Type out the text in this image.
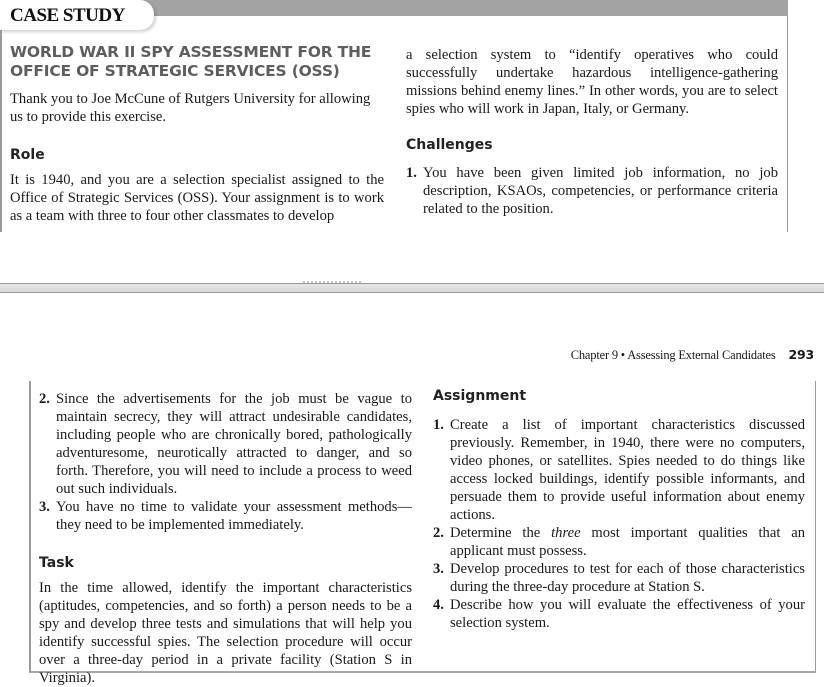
CASE STUDY
WORLD WAR II SPY ASSESSMENT FOR THE
OFFICE OF STRATEGIC SERVICES (OSS)

Thank you to Joe McCune of Rutgers University for allowing us to provide this exercise.

Role

It is 1940, and you are a selection specialist assigned to the Office of Strategic Services (OSS). Your assignment is to work as a team with three to four other classmates to develop

a selection system to “identify operatives who could successfully undertake hazardous intelligence-gathering missions behind enemy lines.” In other words, you are to select spies who will work in Japan, Italy, or Germany.

Challenges
1. You have been given limited job information, no job description, KSAOs, competencies, or performance criteria related to the position.
Chapter 9 • Assessing External Candidates 293
2. Since the advertisements for the job must be vague to maintain secrecy, they will attract undesirable candidates, including people who are chronically bored, pathologically adventuresome, neurotically attracted to danger, and so forth. Therefore, you will need to include a process to weed out such individuals.
3. You have no time to validate your assessment methods—they need to be implemented immediately.
Task

In the time allowed, identify the important characteristics (aptitudes, competencies, and so forth) a person needs to be a spy and develop three tests and simulations that will help you identify successful spies. The selection procedure will occur over a three-day period in a private facility (Station S in Virginia).

Assignment
1. Create a list of important characteristics discussed previously. Remember, in 1940, there were no computers, video phones, or satellites. Spies needed to do things like access locked buildings, identify possible informants, and persuade them to provide useful information about enemy actions.
2. Determine the three most important qualities that an applicant must possess.
3. Develop procedures to test for each of those characteristics during the three-day procedure at Station S.
4. Describe how you will evaluate the effectiveness of your selection system.
